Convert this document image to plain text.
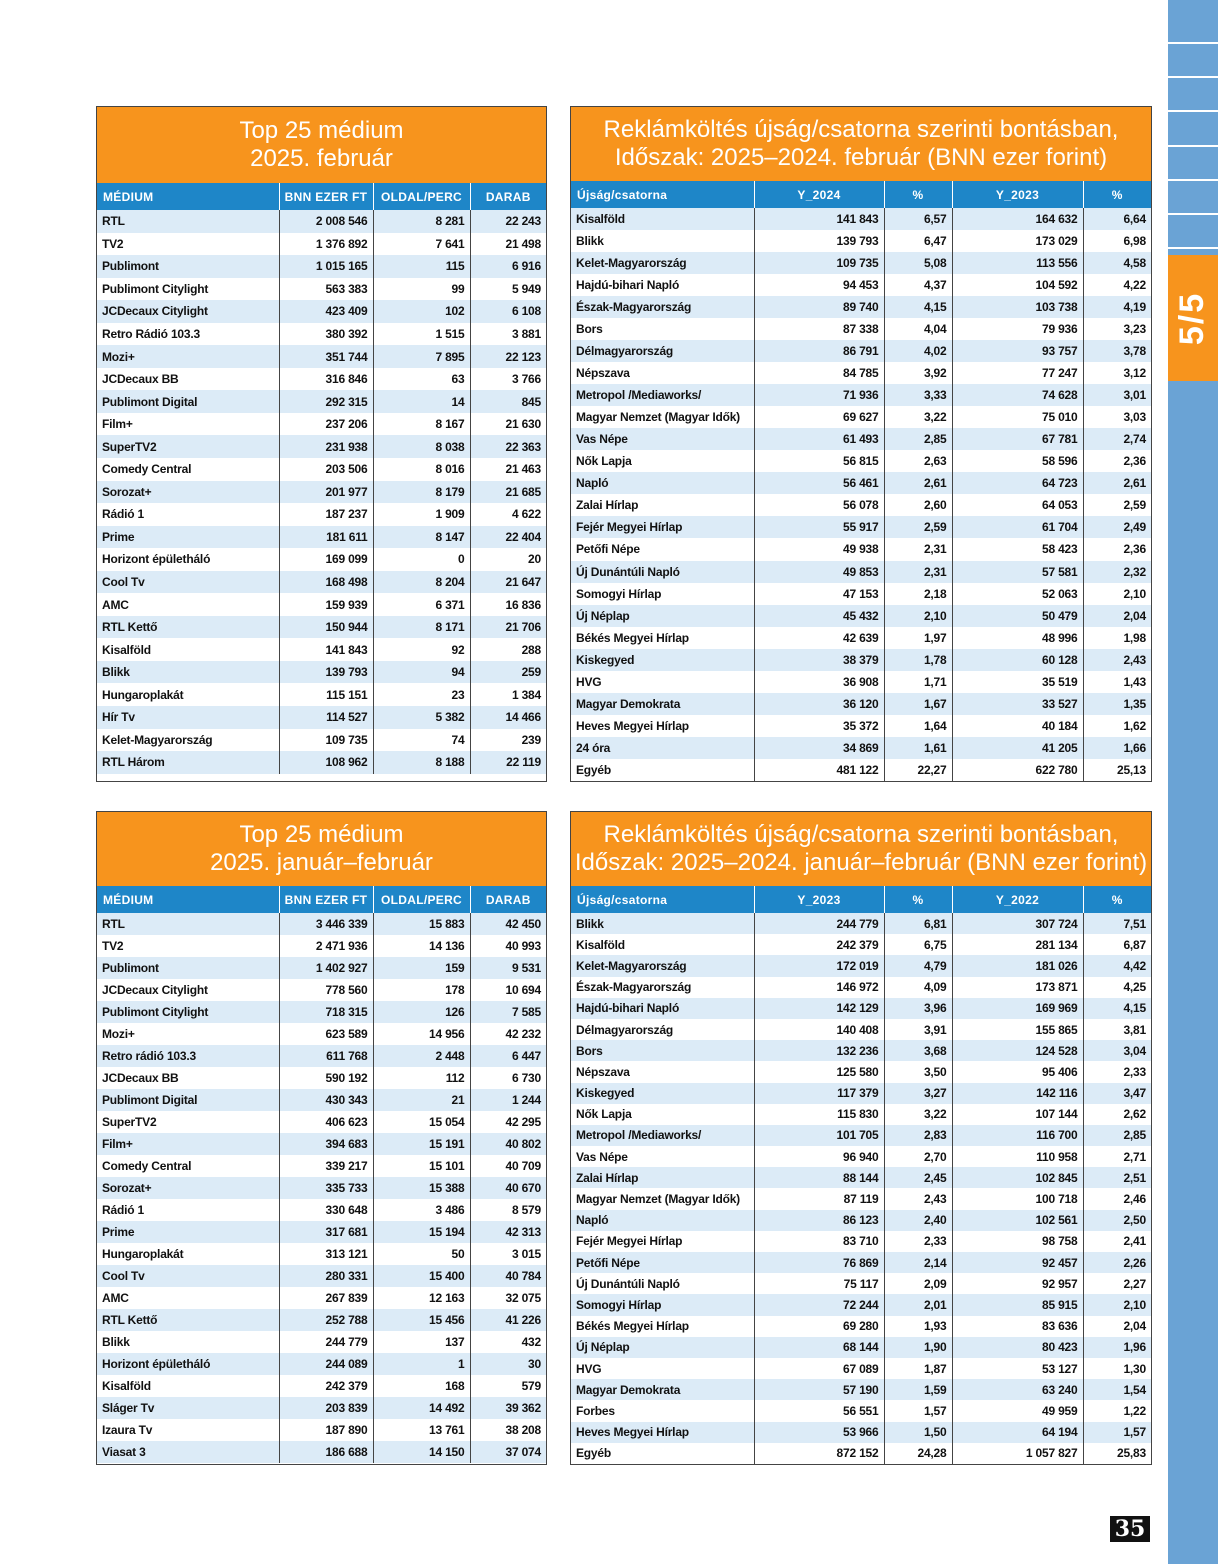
5/5
35
Top 25 médium
2025. február
MÉDIUM	BNN EZER FT	OLDAL/PERC	DARAB
RTL	2 008 546	8 281	22 243
TV2	1 376 892	7 641	21 498
Publimont	1 015 165	115	6 916
Publimont Citylight	563 383	99	5 949
JCDecaux Citylight	423 409	102	6 108
Retro Rádió 103.3	380 392	1 515	3 881
Mozi+	351 744	7 895	22 123
JCDecaux BB	316 846	63	3 766
Publimont Digital	292 315	14	845
Film+	237 206	8 167	21 630
SuperTV2	231 938	8 038	22 363
Comedy Central	203 506	8 016	21 463
Sorozat+	201 977	8 179	21 685
Rádió 1	187 237	1 909	4 622
Prime	181 611	8 147	22 404
Horizont épületháló	169 099	0	20
Cool Tv	168 498	8 204	21 647
AMC	159 939	6 371	16 836
RTL Kettő	150 944	8 171	21 706
Kisalföld	141 843	92	288
Blikk	139 793	94	259
Hungaroplakát	115 151	23	1 384
Hír Tv	114 527	5 382	14 466
Kelet-Magyarország	109 735	74	239
RTL Három	108 962	8 188	22 119
Reklámköltés újság/csatorna szerinti bontásban,
Időszak: 2025–2024. február (BNN ezer forint)
Újság/csatorna	Y_2024	%	Y_2023	%
Kisalföld	141 843	6,57	164 632	6,64
Blikk	139 793	6,47	173 029	6,98
Kelet-Magyarország	109 735	5,08	113 556	4,58
Hajdú-bihari Napló	94 453	4,37	104 592	4,22
Észak-Magyarország	89 740	4,15	103 738	4,19
Bors	87 338	4,04	79 936	3,23
Délmagyarország	86 791	4,02	93 757	3,78
Népszava	84 785	3,92	77 247	3,12
Metropol /Mediaworks/	71 936	3,33	74 628	3,01
Magyar Nemzet (Magyar Idők)	69 627	3,22	75 010	3,03
Vas Népe	61 493	2,85	67 781	2,74
Nők Lapja	56 815	2,63	58 596	2,36
Napló	56 461	2,61	64 723	2,61
Zalai Hírlap	56 078	2,60	64 053	2,59
Fejér Megyei Hírlap	55 917	2,59	61 704	2,49
Petőfi Népe	49 938	2,31	58 423	2,36
Új Dunántúli Napló	49 853	2,31	57 581	2,32
Somogyi Hírlap	47 153	2,18	52 063	2,10
Új Néplap	45 432	2,10	50 479	2,04
Békés Megyei Hírlap	42 639	1,97	48 996	1,98
Kiskegyed	38 379	1,78	60 128	2,43
HVG	36 908	1,71	35 519	1,43
Magyar Demokrata	36 120	1,67	33 527	1,35
Heves Megyei Hírlap	35 372	1,64	40 184	1,62
24 óra	34 869	1,61	41 205	1,66
Egyéb	481 122	22,27	622 780	25,13
Top 25 médium
2025. január–február
MÉDIUM	BNN EZER FT	OLDAL/PERC	DARAB
RTL	3 446 339	15 883	42 450
TV2	2 471 936	14 136	40 993
Publimont	1 402 927	159	9 531
JCDecaux Citylight	778 560	178	10 694
Publimont Citylight	718 315	126	7 585
Mozi+	623 589	14 956	42 232
Retro rádió 103.3	611 768	2 448	6 447
JCDecaux BB	590 192	112	6 730
Publimont Digital	430 343	21	1 244
SuperTV2	406 623	15 054	42 295
Film+	394 683	15 191	40 802
Comedy Central	339 217	15 101	40 709
Sorozat+	335 733	15 388	40 670
Rádió 1	330 648	3 486	8 579
Prime	317 681	15 194	42 313
Hungaroplakát	313 121	50	3 015
Cool Tv	280 331	15 400	40 784
AMC	267 839	12 163	32 075
RTL Kettő	252 788	15 456	41 226
Blikk	244 779	137	432
Horizont épületháló	244 089	1	30
Kisalföld	242 379	168	579
Sláger Tv	203 839	14 492	39 362
Izaura Tv	187 890	13 761	38 208
Viasat 3	186 688	14 150	37 074
Reklámköltés újság/csatorna szerinti bontásban,
Időszak: 2025–2024. január–február (BNN ezer forint)
Újság/csatorna	Y_2023	%	Y_2022	%
Blikk	244 779	6,81	307 724	7,51
Kisalföld	242 379	6,75	281 134	6,87
Kelet-Magyarország	172 019	4,79	181 026	4,42
Észak-Magyarország	146 972	4,09	173 871	4,25
Hajdú-bihari Napló	142 129	3,96	169 969	4,15
Délmagyarország	140 408	3,91	155 865	3,81
Bors	132 236	3,68	124 528	3,04
Népszava	125 580	3,50	95 406	2,33
Kiskegyed	117 379	3,27	142 116	3,47
Nők Lapja	115 830	3,22	107 144	2,62
Metropol /Mediaworks/	101 705	2,83	116 700	2,85
Vas Népe	96 940	2,70	110 958	2,71
Zalai Hírlap	88 144	2,45	102 845	2,51
Magyar Nemzet (Magyar Idők)	87 119	2,43	100 718	2,46
Napló	86 123	2,40	102 561	2,50
Fejér Megyei Hírlap	83 710	2,33	98 758	2,41
Petőfi Népe	76 869	2,14	92 457	2,26
Új Dunántúli Napló	75 117	2,09	92 957	2,27
Somogyi Hírlap	72 244	2,01	85 915	2,10
Békés Megyei Hírlap	69 280	1,93	83 636	2,04
Új Néplap	68 144	1,90	80 423	1,96
HVG	67 089	1,87	53 127	1,30
Magyar Demokrata	57 190	1,59	63 240	1,54
Forbes	56 551	1,57	49 959	1,22
Heves Megyei Hírlap	53 966	1,50	64 194	1,57
Egyéb	872 152	24,28	1 057 827	25,83
